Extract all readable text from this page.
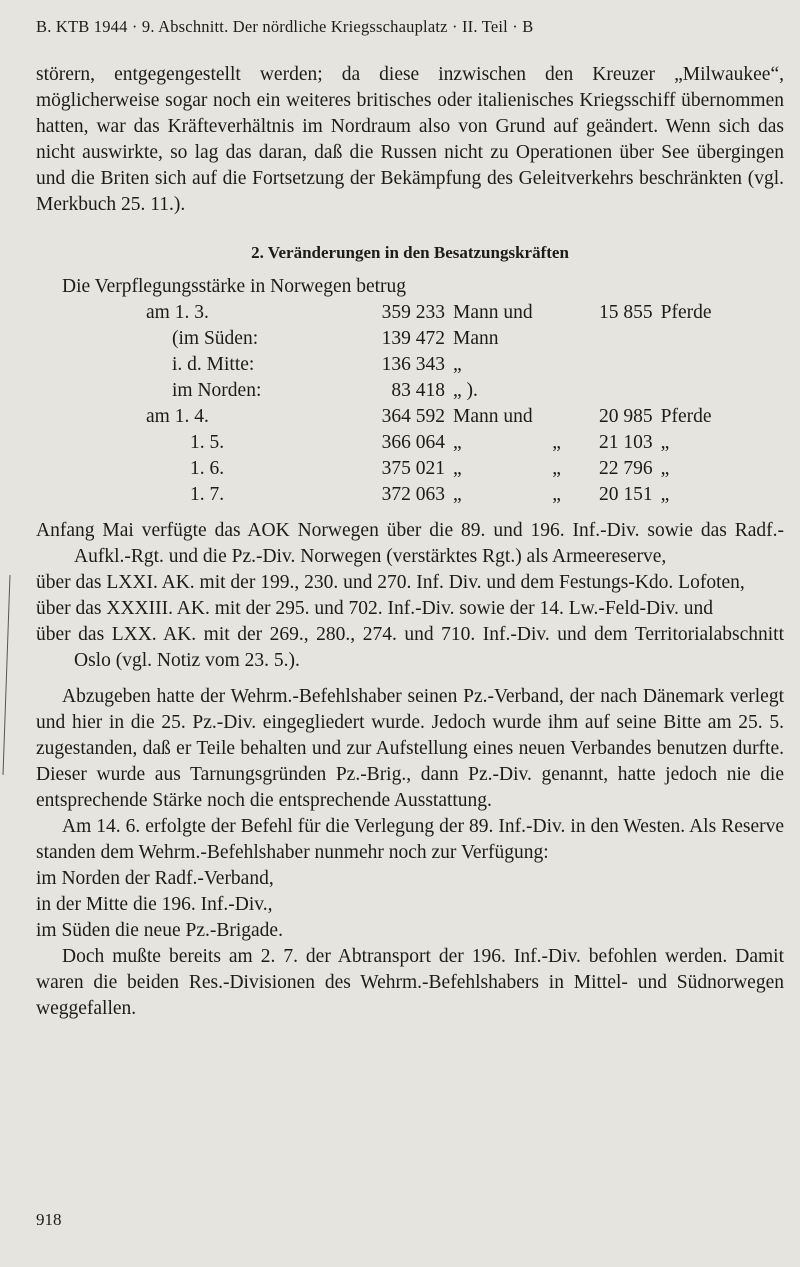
B. KTB 1944 · 9. Abschnitt. Der nördliche Kriegsschauplatz · II. Teil · B

störern, entgegengestellt werden; da diese inzwischen den Kreuzer „Milwaukee“, möglicherweise sogar noch ein weiteres britisches oder italienisches Kriegsschiff übernommen hatten, war das Kräfteverhältnis im Nordraum also von Grund auf geändert. Wenn sich das nicht auswirkte, so lag das daran, daß die Russen nicht zu Operationen über See übergingen und die Briten sich auf die Fortsetzung der Bekämpfung des Geleitverkehrs beschränkten (vgl. Merkbuch 25. 11.).

2. Veränderungen in den Besatzungskräften

Die Verpflegungsstärke in Norwegen betrug

am 1. 3.	359 233	Mann und		15 855	Pferde
(im Süden:	139 472	Mann			
i. d. Mitte:	136 343	„			
im Norden:	83 418	„ ).			
am 1. 4.	364 592	Mann und		20 985	Pferde
1. 5.	366 064	„	„	21 103	„
1. 6.	375 021	„	„	22 796	„
1. 7.	372 063	„	„	20 151	„

Anfang Mai verfügte das AOK Norwegen über die 89. und 196. Inf.-Div. sowie das Radf.-Aufkl.-Rgt. und die Pz.-Div. Norwegen (verstärktes Rgt.) als Armeereserve,

über das LXXI. AK. mit der 199., 230. und 270. Inf. Div. und dem Festungs-Kdo. Lofoten,

über das XXXIII. AK. mit der 295. und 702. Inf.-Div. sowie der 14. Lw.-Feld-Div. und

über das LXX. AK. mit der 269., 280., 274. und 710. Inf.-Div. und dem Territorialabschnitt Oslo (vgl. Notiz vom 23. 5.).

Abzugeben hatte der Wehrm.-Befehlshaber seinen Pz.-Verband, der nach Dänemark verlegt und hier in die 25. Pz.-Div. eingegliedert wurde. Jedoch wurde ihm auf seine Bitte am 25. 5. zugestanden, daß er Teile behalten und zur Aufstellung eines neuen Verbandes benutzen durfte. Dieser wurde aus Tarnungsgründen Pz.-Brig., dann Pz.-Div. genannt, hatte jedoch nie die entsprechende Stärke noch die entsprechende Ausstattung.

Am 14. 6. erfolgte der Befehl für die Verlegung der 89. Inf.-Div. in den Westen. Als Reserve standen dem Wehrm.-Befehlshaber nunmehr noch zur Verfügung:

im Norden der Radf.-Verband,

in der Mitte die 196. Inf.-Div.,

im Süden die neue Pz.-Brigade.

Doch mußte bereits am 2. 7. der Abtransport der 196. Inf.-Div. befohlen werden. Damit waren die beiden Res.-Divisionen des Wehrm.-Befehlshabers in Mittel- und Südnorwegen weggefallen.

918
